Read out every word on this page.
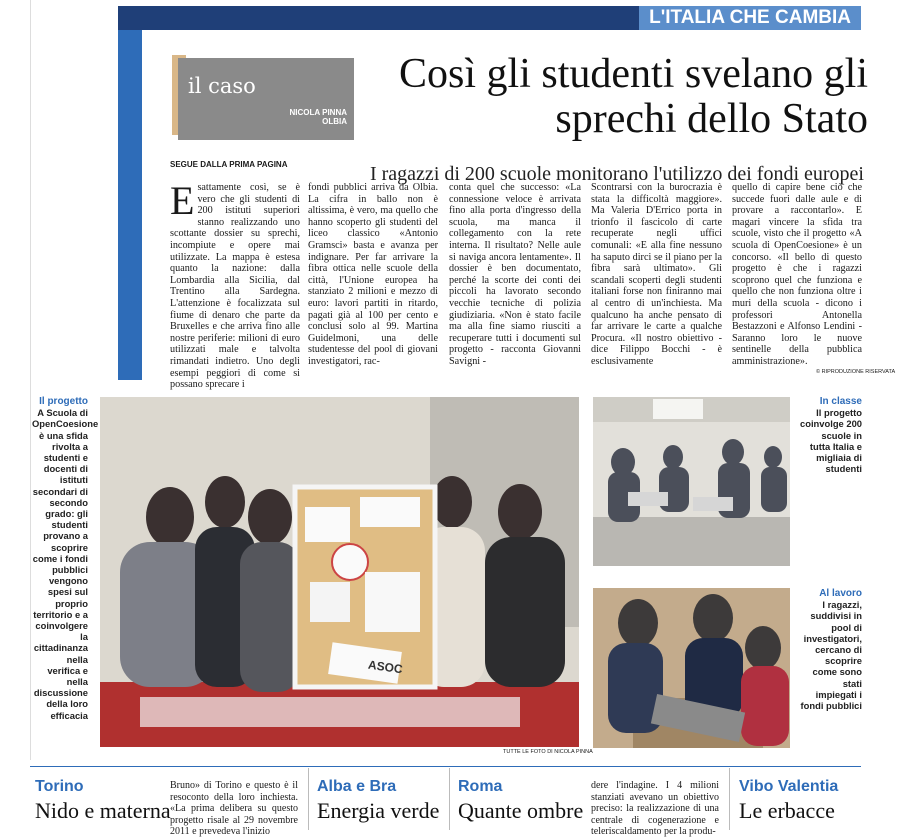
L'ITALIA CHE CAMBIA
il caso
NICOLA PINNA
OLBIA
Così gli studenti svelano gli sprechi dello Stato
I ragazzi di 200 scuole monitorano l'utilizzo dei fondi europei
SEGUE DALLA PRIMA PAGINA
E sattamente così, se è vero che gli studenti di 200 istituti superiori stanno realizzando uno scottante dossier su sprechi, incompiute e opere mai utilizzate. La mappa è estesa quanto la nazione: dalla Lombardia alla Sicilia, dal Trentino alla Sardegna. L'attenzione è focalizzata sul fiume di denaro che parte da Bruxelles e che arriva fino alle nostre periferie: milioni di euro utilizzati male e talvolta rimandati indietro. Uno degli esempi peggiori di come si possano sprecare i
fondi pubblici arriva da Olbia. La cifra in ballo non è altissima, è vero, ma quello che hanno scoperto gli studenti del liceo classico «Antonio Gramsci» basta e avanza per indignare. Per far arrivare la fibra ottica nelle scuole della città, l'Unione europea ha stanziato 2 milioni e mezzo di euro: lavori partiti in ritardo, pagati già al 100 per cento e conclusi solo al 99. Martina Guidelmoni, una delle studentesse del pool di giovani investigatori, rac-
conta quel che successo: «La connessione veloce è arrivata fino alla porta d'ingresso della scuola, ma manca il collegamento con la rete interna. Il risultato? Nelle aule si naviga ancora lentamente». Il dossier è ben documentato, perché la scorte dei conti dei piccoli ha lavorato secondo vecchie tecniche di polizia giudiziaria. «Non è stato facile ma alla fine siamo riusciti a recuperare tutti i documenti sul progetto - racconta Giovanni Savigni -
Scontrarsi con la burocrazia è stata la difficoltà maggiore». Ma Valeria D'Errico porta in trionfo il fascicolo di carte recuperate negli uffici comunali: «E alla fine nessuno ha saputo dirci se il piano per la fibra sarà ultimato». Gli scandali scoperti degli studenti italiani forse non finiranno mai al centro di un'inchiesta. Ma qualcuno ha anche pensato di far arrivare le carte a qualche Procura. «Il nostro obiettivo - dice Filippo Bocchi - è esclusivamente
quello di capire bene ciò che succede fuori dalle aule e di provare a raccontarlo». E magari vincere la sfida tra scuole, visto che il progetto «A scuola di OpenCoesione» è un concorso. «Il bello di questo progetto è che i ragazzi scoprono quel che funziona e quello che non funziona oltre i muri della scuola - dicono i professori Antonella Bestazzoni e Alfonso Lendini - Saranno loro le nuove sentinelle della pubblica amministrazione».
© RIPRODUZIONE RISERVATA
Il progetto
A Scuola di OpenCoesione è una sfida rivolta a studenti e docenti di istituti secondari di secondo grado: gli studenti provano a scoprire come i fondi pubblici vengono spesi sul proprio territorio e a coinvolgere la cittadinanza nella verifica e nella discussione della loro efficacia
ASOC
TUTTE LE FOTO DI NICOLA PINNA
In classe
Il progetto coinvolge 200 scuole in tutta Italia e migliaia di studenti
Al lavoro
I ragazzi, suddivisi in pool di investigatori, cercano di scoprire come sono stati impiegati i fondi pubblici
Torino
Nido e materna
Bruno» di Torino e questo è il resoconto della loro inchiesta. «La prima delibera su questo progetto risale al 29 novembre 2011 e prevedeva l'inizio
Alba e Bra
Energia verde
Roma
Quante ombre
dere l'indagine. I 4 milioni stanziati avevano un obiettivo preciso: la realizzazione di una centrale di cogenerazione e teleriscaldamento per la produ-
Vibo Valentia
Le erbacce
